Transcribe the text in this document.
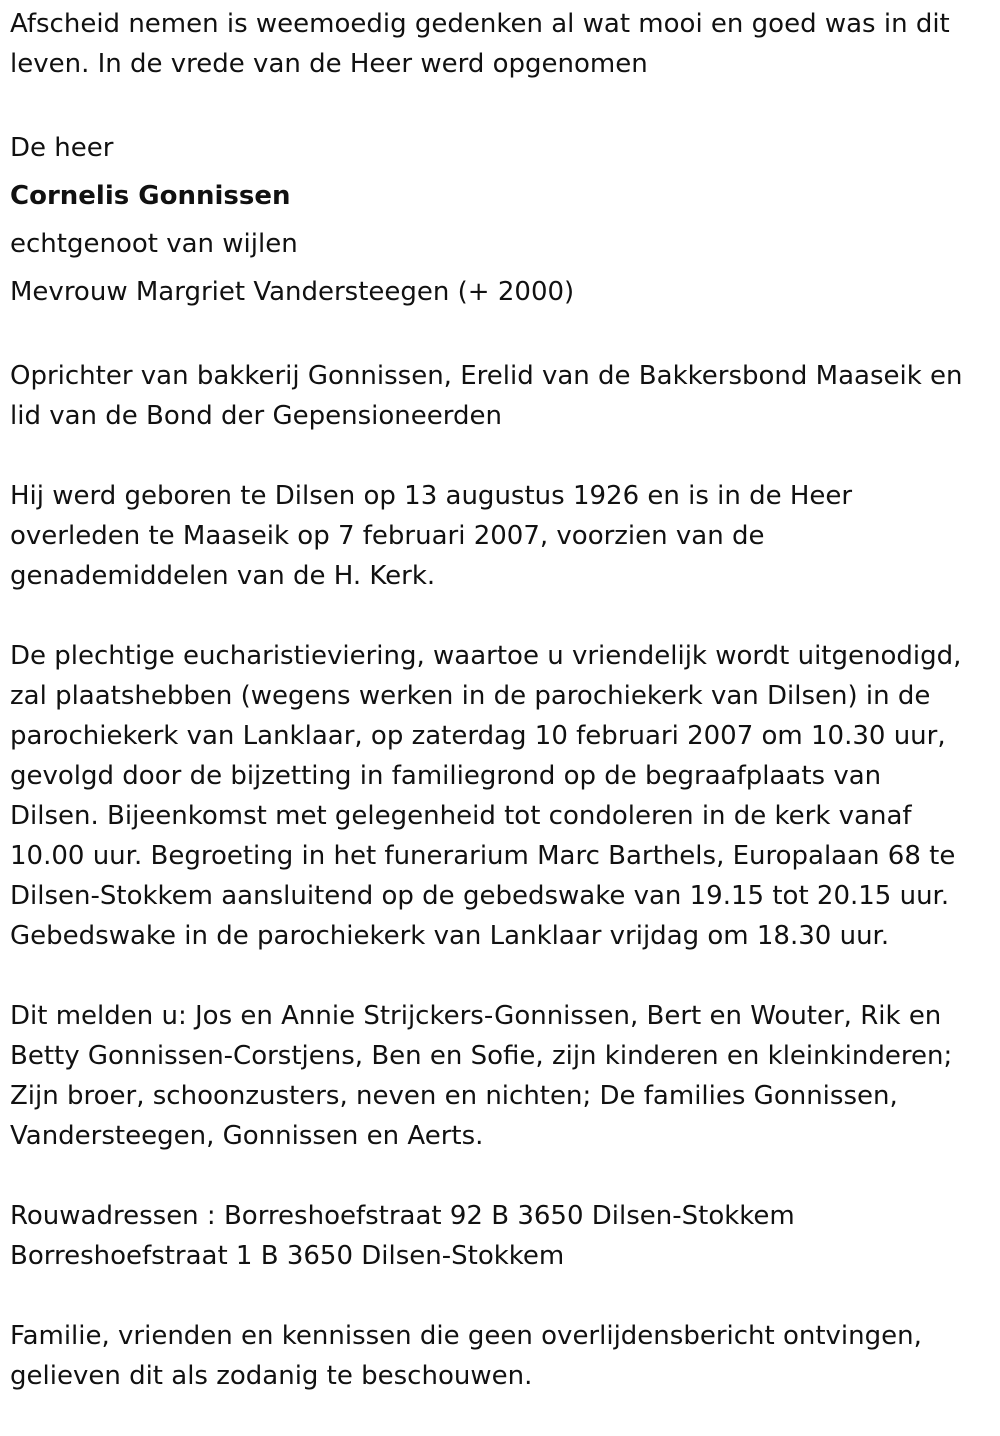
Afscheid nemen is weemoedig gedenken al wat mooi en goed was in dit
leven. In de vrede van de Heer werd opgenomen
De heer
Cornelis Gonnissen
echtgenoot van wijlen
Mevrouw Margriet Vandersteegen (+ 2000)
Oprichter van bakkerij Gonnissen, Erelid van de Bakkersbond Maaseik en
lid van de Bond der Gepensioneerden
Hij werd geboren te Dilsen op 13 augustus 1926 en is in de Heer
overleden te Maaseik op 7 februari 2007, voorzien van de
genademiddelen van de H. Kerk.
De plechtige eucharistieviering, waartoe u vriendelijk wordt uitgenodigd,
zal plaatshebben (wegens werken in de parochiekerk van Dilsen) in de
parochiekerk van Lanklaar, op zaterdag 10 februari 2007 om 10.30 uur,
gevolgd door de bijzetting in familiegrond op de begraafplaats van
Dilsen. Bijeenkomst met gelegenheid tot condoleren in de kerk vanaf
10.00 uur. Begroeting in het funerarium Marc Barthels, Europalaan 68 te
Dilsen-Stokkem aansluitend op de gebedswake van 19.15 tot 20.15 uur.
Gebedswake in de parochiekerk van Lanklaar vrijdag om 18.30 uur.
Dit melden u: Jos en Annie Strijckers-Gonnissen, Bert en Wouter, Rik en
Betty Gonnissen-Corstjens, Ben en Sofie, zijn kinderen en kleinkinderen;
Zijn broer, schoonzusters, neven en nichten; De families Gonnissen,
Vandersteegen, Gonnissen en Aerts.
Rouwadressen : Borreshoefstraat 92 B 3650 Dilsen-Stokkem
Borreshoefstraat 1 B 3650 Dilsen-Stokkem
Familie, vrienden en kennissen die geen overlijdensbericht ontvingen,
gelieven dit als zodanig te beschouwen.
